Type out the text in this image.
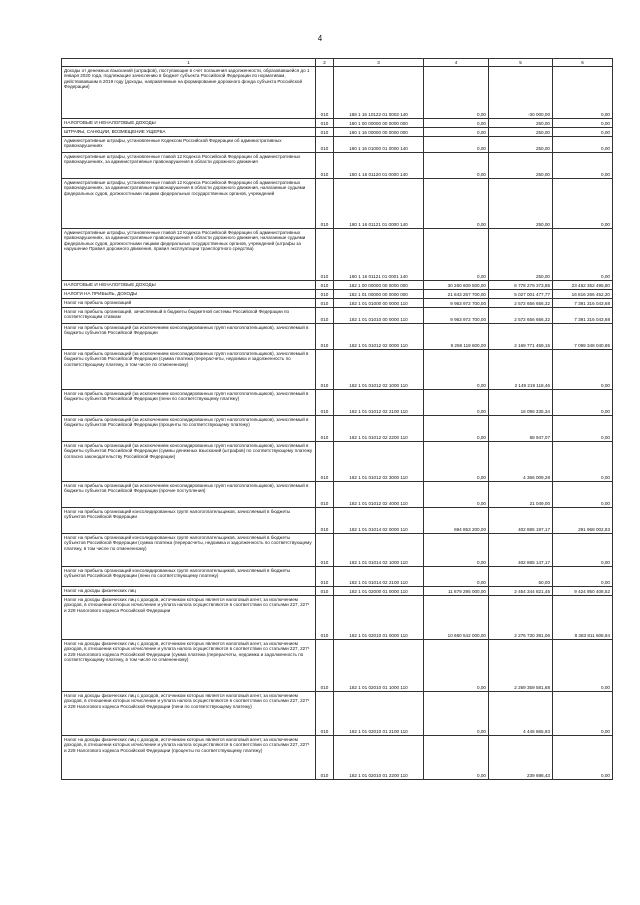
4
1	2	3	4	5	6
Доходы от денежных взысканий (штрафов), поступающие в счет погашения задолженности, образовавшейся до 1 января 2020 года, подлежащие зачислению в бюджет субъекта Российской Федерации по нормативам, действовавшим в 2019 году (доходы, направляемые на формирование дорожного фонда субъекта Российской Федерации)	010	188 1 16 10122 01 0002 140	0,00	-30 000,00	0,00
НАЛОГОВЫЕ И НЕНАЛОГОВЫЕ ДОХОДЫ	010	180 1 00 00000 00 0000 000	0,00	250,00	0,00
ШТРАФЫ, САНКЦИИ, ВОЗМЕЩЕНИЕ УЩЕРБА	010	180 1 16 00000 00 0000 000	0,00	250,00	0,00
Административные штрафы, установленные Кодексом Российской Федерации об административных правонарушениях	010	180 1 16 01000 01 0000 140	0,00	250,00	0,00
Административные штрафы, установленные главой 12 Кодекса Российской Федерации об административных правонарушениях, за административные правонарушения в области дорожного движения	010	180 1 16 01120 01 0000 140	0,00	250,00	0,00
Административные штрафы, установленные главой 12 Кодекса Российской Федерации об административных правонарушениях, за административные правонарушения в области дорожного движения, налагаемые судьями федеральных судов, должностными лицами федеральных государственных органов, учреждений	010	180 1 16 01121 01 0000 140	0,00	250,00	0,00
Административные штрафы, установленные главой 12 Кодекса Российской Федерации об административных правонарушениях, за административные правонарушения в области дорожного движения, налагаемые судьями федеральных судов, должностными лицами федеральных государственных органов, учреждений (штрафы за нарушение Правил дорожного движения, правил эксплуатации транспортного средства)	010	180 1 16 01121 01 0001 140	0,00	250,00	0,00
НАЛОГОВЫЕ И НЕНАЛОГОВЫЕ ДОХОДЫ	010	182 1 00 00000 00 0000 000	30 260 609 500,00	6 778 279 373,85	23 482 352 495,80
НАЛОГИ НА ПРИБЫЛЬ, ДОХОДЫ	010	182 1 01 00000 00 0000 000	21 843 267 700,00	5 027 001 477,77	16 816 266 452,20
Налог на прибыль организаций	010	182 1 01 01000 00 0000 110	9 963 972 700,00	2 572 656 656,32	7 391 316 043,68
Налог на прибыль организаций, зачисляемый в бюджеты бюджетной системы Российской Федерации по соответствующим ставкам	010	182 1 01 01010 00 0000 110	9 963 972 700,00	2 572 656 656,32	7 391 316 043,68
Налог на прибыль организаций (за исключением консолидированных групп налогоплательщиков), зачисляемый в бюджеты субъектов Российской Федерации	010	182 1 01 01012 02 0000 110	9 269 119 600,00	2 169 771 459,15	7 099 348 040,85
Налог на прибыль организаций (за исключением консолидированных групп налогоплательщиков), зачисляемый в бюджеты субъектов Российской Федерации (сумма платежа (перерасчеты, недоимка и задолженность по соответствующему платежу, в том числе по отмененному)	010	182 1 01 01012 02 1000 110	0,00	2 149 219 118,46	0,00
Налог на прибыль организаций (за исключением консолидированных групп налогоплательщиков), зачисляемый в бюджеты субъектов Российской Федерации (пени по соответствующему платежу)	010	182 1 01 01012 02 2100 110	0,00	16 096 335,34	0,00
Налог на прибыль организаций (за исключением консолидированных групп налогоплательщиков), зачисляемый в бюджеты субъектов Российской Федерации (проценты по соответствующему платежу)	010	182 1 01 01012 02 2200 110	0,00	68 947,07	0,00
Налог на прибыль организаций (за исключением консолидированных групп налогоплательщиков), зачисляемый в бюджеты субъектов Российской Федерации (суммы денежных взысканий (штрафов) по соответствующему платежу согласно законодательству Российской Федерации)	010	182 1 01 01012 02 3000 110	0,00	4 366 009,28	0,00
Налог на прибыль организаций (за исключением консолидированных групп налогоплательщиков), зачисляемый в бюджеты субъектов Российской Федерации (прочие поступления)	010	182 1 01 01012 02 4000 110	0,00	21 049,00	0,00
Налог на прибыль организаций консолидированных групп налогоплательщиков, зачисляемый в бюджеты субъектов Российской Федерации	010	182 1 01 01014 02 0000 110	694 853 200,00	402 885 197,17	291 968 002,83
Налог на прибыль организаций консолидированных групп налогоплательщиков, зачисляемый в бюджеты субъектов Российской Федерации (сумма платежа (перерасчеты, недоимка и задолженность по соответствующему платежу, в том числе по отмененному)	010	182 1 01 01014 02 1000 110	0,00	402 885 147,17	0,00
Налог на прибыль организаций консолидированных групп налогоплательщиков, зачисляемый в бюджеты субъектов Российской Федерации (пени по соответствующему платежу)	010	182 1 01 01014 02 2100 110	0,00	50,00	0,00
Налог на доходы физических лиц	010	182 1 01 02000 01 0000 110	11 879 295 000,00	2 454 344 821,45	9 424 950 408,52
Налог на доходы физических лиц с доходов, источником которых является налоговый агент, за исключением доходов, в отношении которых исчисление и уплата налога осуществляются в соответствии со статьями 227, 227¹ и 228 Налогового кодекса Российской Федерации	010	182 1 01 02010 01 0000 110	10 660 542 000,00	2 276 730 391,06	8 383 811 608,94
Налог на доходы физических лиц с доходов, источником которых является налоговый агент, за исключением доходов, в отношении которых исчисление и уплата налога осуществляются в соответствии со статьями 227, 227¹ и 228 Налогового кодекса Российской Федерации (сумма платежа (перерасчеты, недоимка и задолженность по соответствующему платежу, в том числе по отмененному)	010	182 1 01 02010 01 1000 110	0,00	2 269 359 581,68	0,00
Налог на доходы физических лиц с доходов, источником которых является налоговый агент, за исключением доходов, в отношении которых исчисление и уплата налога осуществляются в соответствии со статьями 227, 227¹ и 228 Налогового кодекса Российской Федерации (пени по соответствующему платежу)	010	182 1 01 02010 01 2100 110	0,00	4 445 865,93	0,00
Налог на доходы физических лиц с доходов, источником которых является налоговый агент, за исключением доходов, в отношении которых исчисление и уплата налога осуществляются в соответствии со статьями 227, 227¹ и 228 Налогового кодекса Российской Федерации (проценты по соответствующему платежу)	010	182 1 01 02010 01 2200 110	0,00	239 698,43	0,00
